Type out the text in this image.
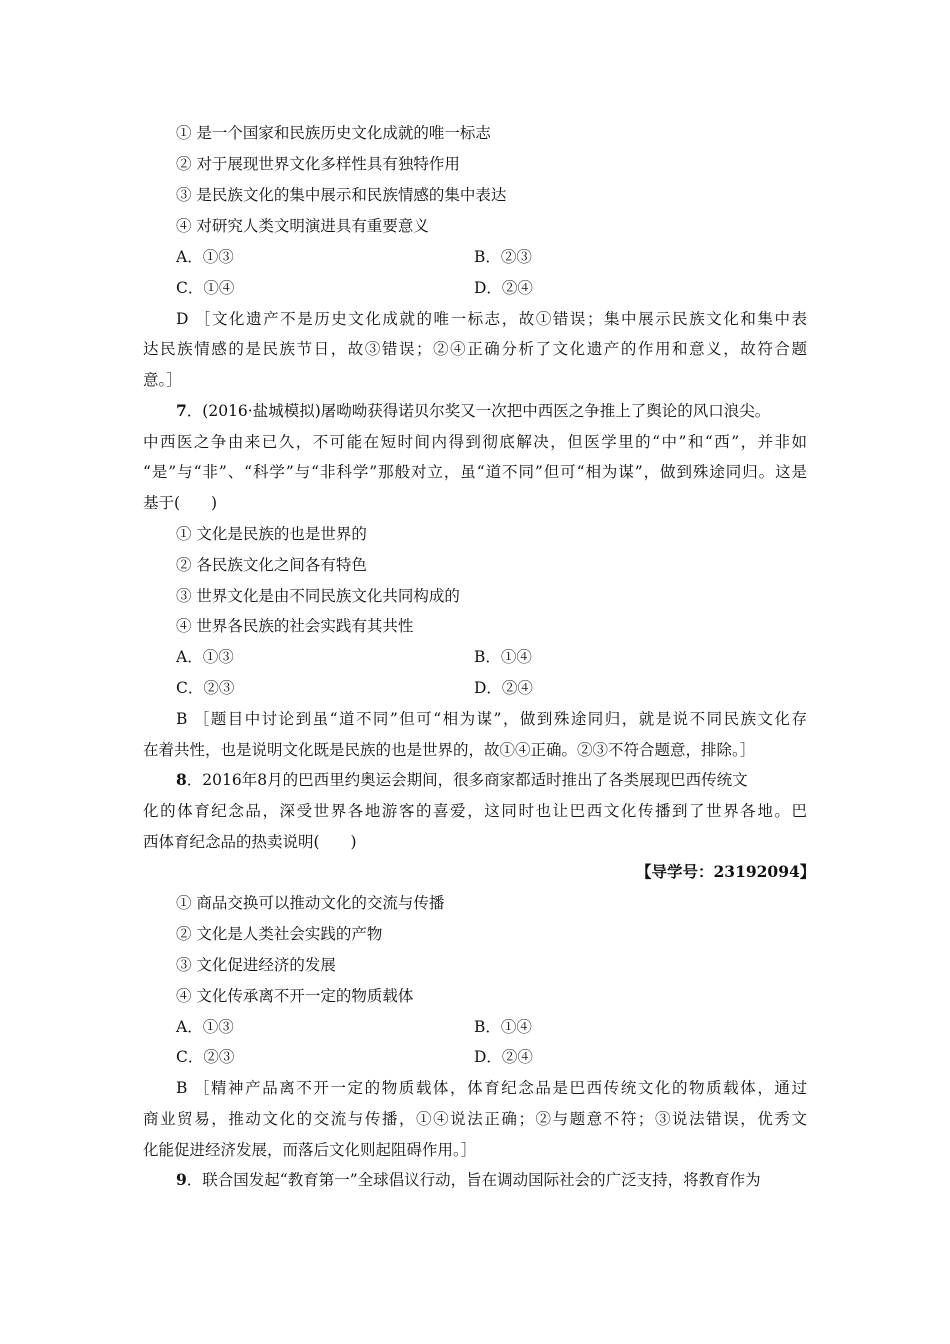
① 是一个国家和民族历史文化成就的唯一标志
② 对于展现世界文化多样性具有独特作用
③ 是民族文化的集中展示和民族情感的集中表达
④ 对研究人类文明演进具有重要意义
A．①③	B．②③
C．①④	D．②④
D ［文化遗产不是历史文化成就的唯一标志，故①错误；集中展示民族文化和集中表
达民族情感的是民族节日，故③错误；②④正确分析了文化遗产的作用和意义，故符合题
意。］
7．(2016·盐城模拟)屠呦呦获得诺贝尔奖又一次把中西医之争推上了舆论的风口浪尖。
中西医之争由来已久，不可能在短时间内得到彻底解决，但医学里的“中”和“西”，并非如
“是”与“非”、“科学”与“非科学”那般对立，虽“道不同”但可“相为谋”，做到殊途同归。这是
基于(　　)
① 文化是民族的也是世界的
② 各民族文化之间各有特色
③ 世界文化是由不同民族文化共同构成的
④ 世界各民族的社会实践有其共性
A．①③	B．①④
C．②③	D．②④
B ［题目中讨论到虽“道不同”但可“相为谋”，做到殊途同归，就是说不同民族文化存
在着共性，也是说明文化既是民族的也是世界的，故①④正确。②③不符合题意，排除。］
8．2016年8月的巴西里约奥运会期间，很多商家都适时推出了各类展现巴西传统文
化的体育纪念品，深受世界各地游客的喜爱，这同时也让巴西文化传播到了世界各地。巴
西体育纪念品的热卖说明(　　)
【导学号：23192094】
① 商品交换可以推动文化的交流与传播
② 文化是人类社会实践的产物
③ 文化促进经济的发展
④ 文化传承离不开一定的物质载体
A．①③	B．①④
C．②③	D．②④
B ［精神产品离不开一定的物质载体，体育纪念品是巴西传统文化的物质载体，通过
商业贸易，推动文化的交流与传播，①④说法正确；②与题意不符；③说法错误，优秀文
化能促进经济发展，而落后文化则起阻碍作用。］
9．联合国发起“教育第一”全球倡议行动，旨在调动国际社会的广泛支持，将教育作为
